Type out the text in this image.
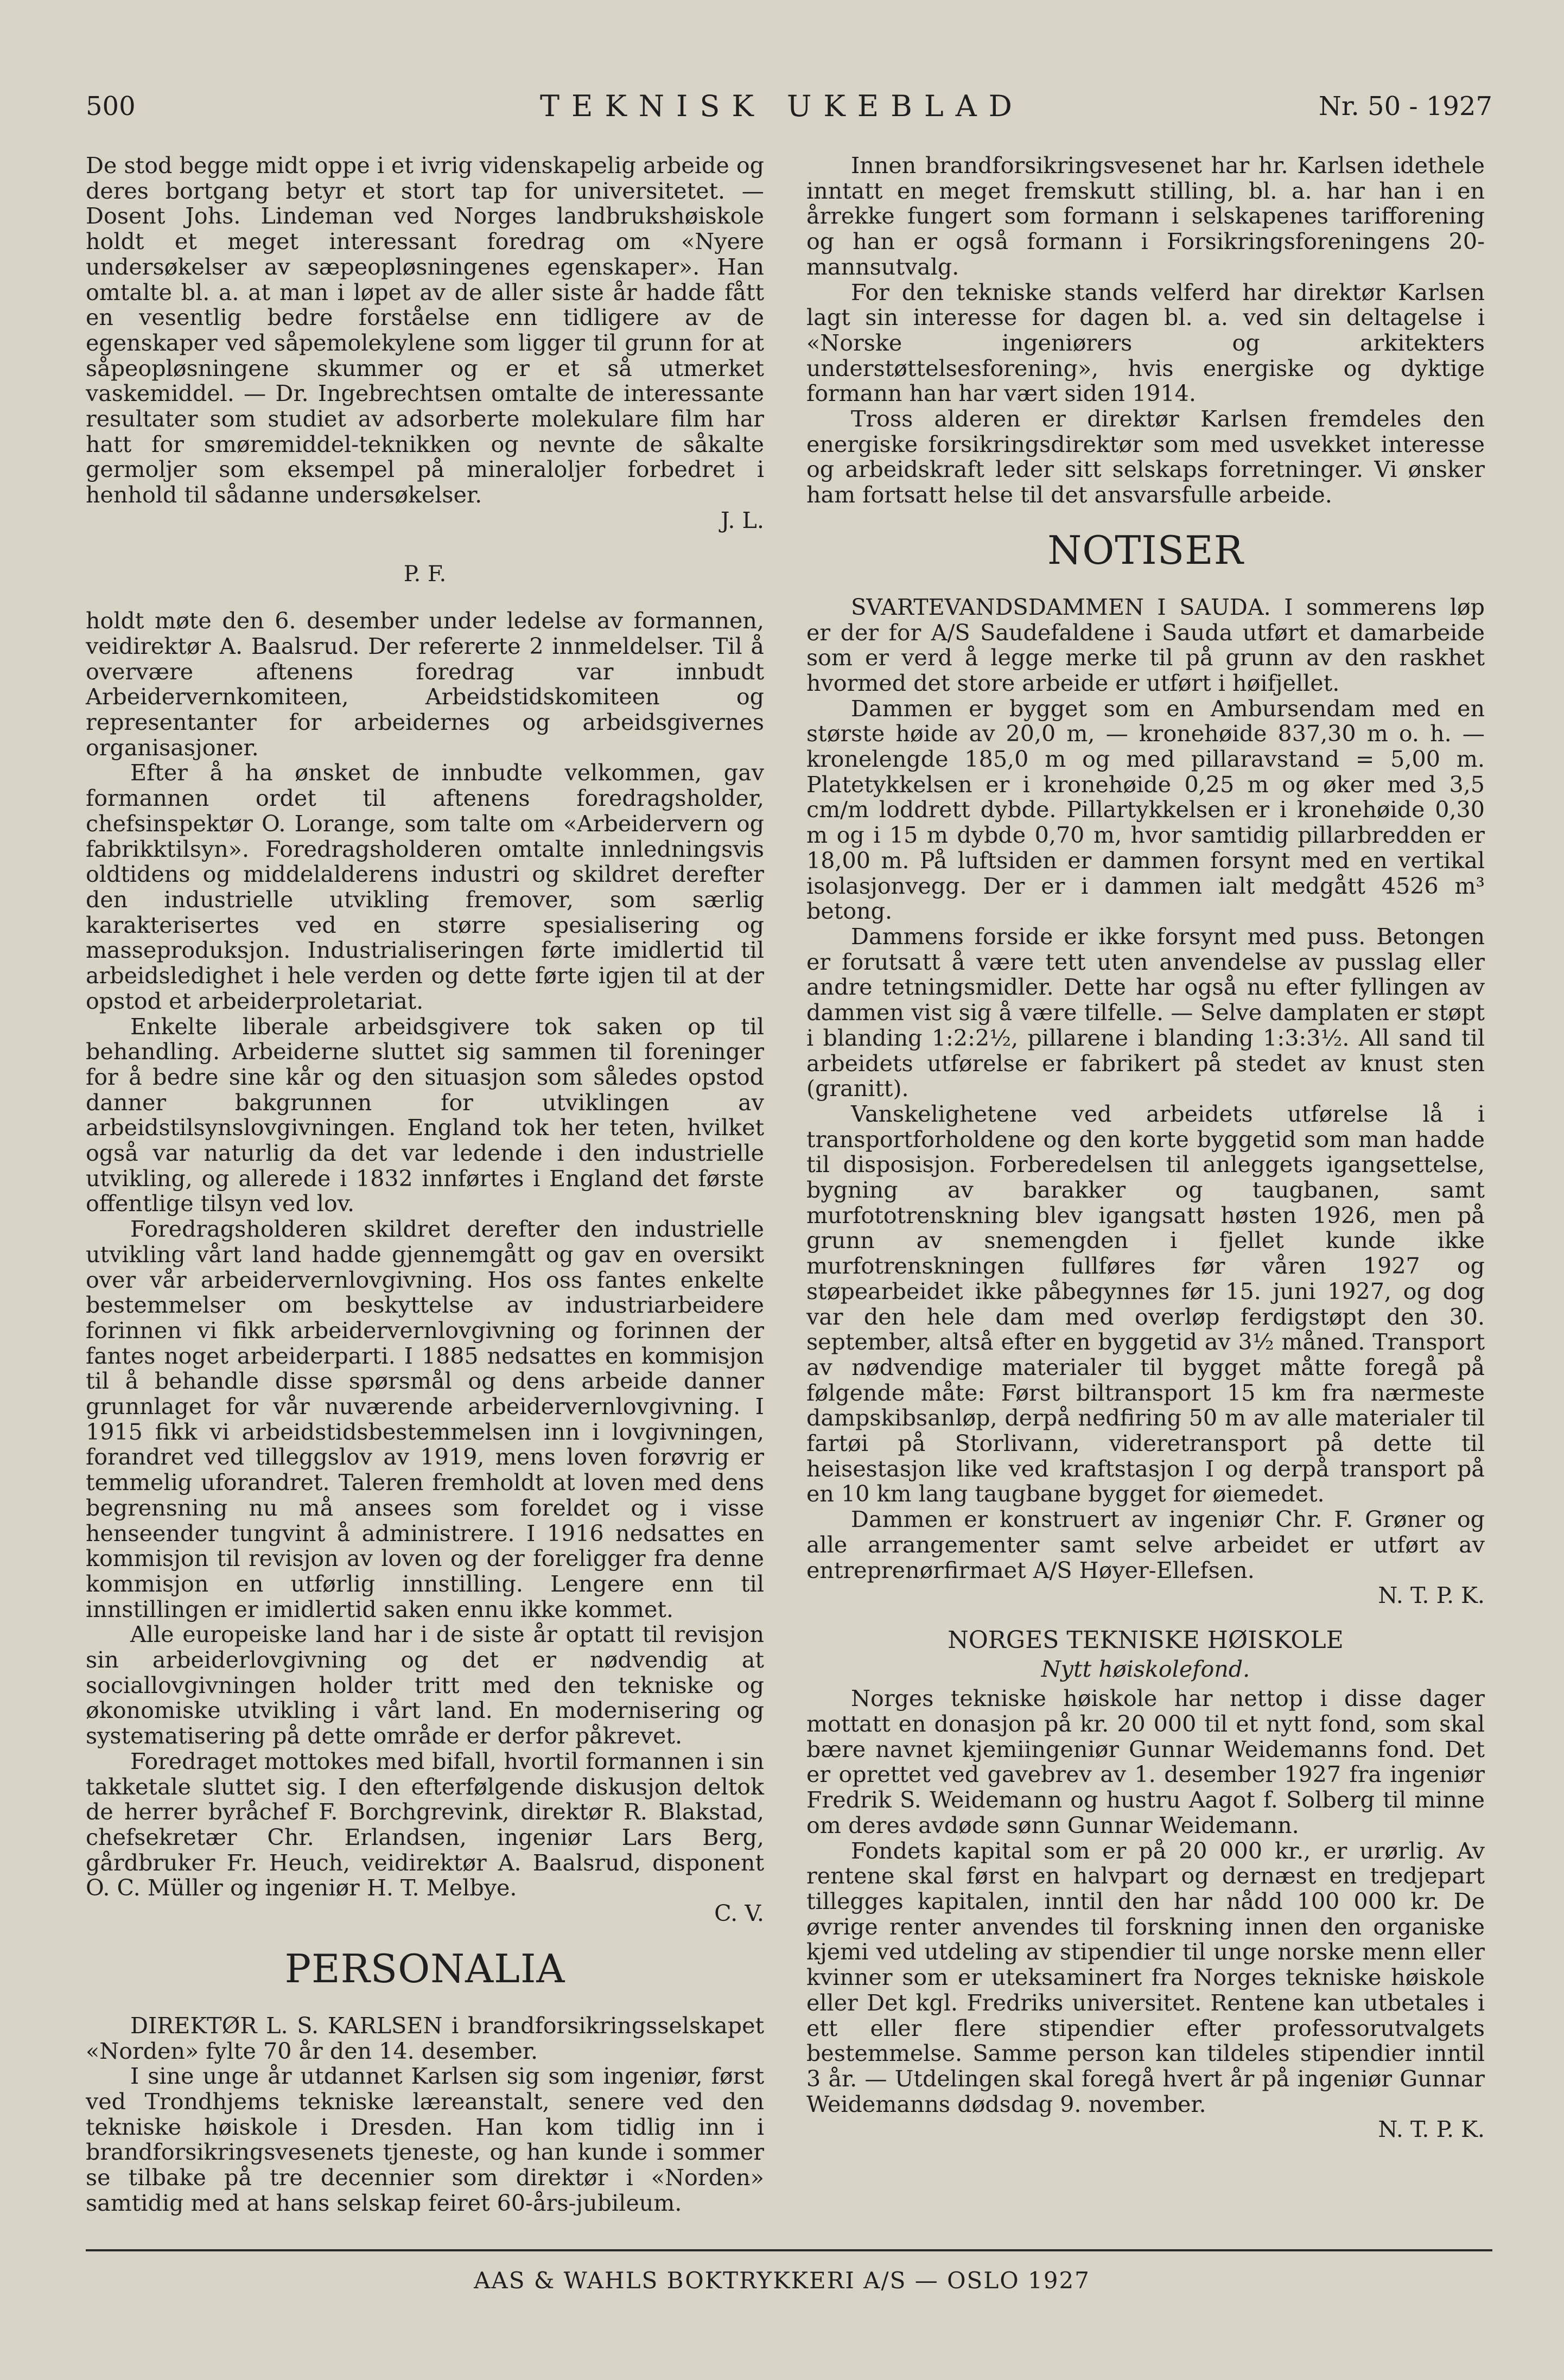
500	TEKNISK UKEBLAD	Nr. 50 - 1927

De stod begge midt oppe i et ivrig videnskapelig arbeide og deres bortgang betyr et stort tap for universitetet. — Dosent Johs. Lindeman ved Norges landbrukshøiskole holdt et meget interessant foredrag om «Nyere undersøkelser av sæpeopløsningenes egenskaper». Han omtalte bl. a. at man i løpet av de aller siste år hadde fått en vesentlig bedre forståelse enn tidligere av de egenskaper ved såpemolekylene som ligger til grunn for at såpeopløsningene skummer og er et så utmerket vaskemiddel. — Dr. Ingebrechtsen omtalte de interessante resultater som studiet av adsorberte molekulare film har hatt for smøremiddel-teknikken og nevnte de såkalte germoljer som eksempel på mineraloljer forbedret i henhold til sådanne undersøkelser.

J. L.

P. F.

holdt møte den 6. desember under ledelse av formannen, veidirektør A. Baalsrud. Der refererte 2 innmeldelser. Til å overvære aftenens foredrag var innbudt Arbeidervernkomiteen, Arbeidstidskomiteen og representanter for arbeidernes og arbeidsgivernes organisasjoner.

Efter å ha ønsket de innbudte velkommen, gav formannen ordet til aftenens foredragsholder, chefsinspektør O. Lorange, som talte om «Arbeidervern og fabrikktilsyn». Foredragsholderen omtalte innledningsvis oldtidens og middelalderens industri og skildret derefter den industrielle utvikling fremover, som særlig karakterisertes ved en større spesialisering og masseproduksjon. Industrialiseringen førte imidlertid til arbeidsledighet i hele verden og dette førte igjen til at der opstod et arbeiderproletariat.

Enkelte liberale arbeidsgivere tok saken op til behandling. Arbeiderne sluttet sig sammen til foreninger for å bedre sine kår og den situasjon som således opstod danner bakgrunnen for utviklingen av arbeidstilsynslovgivningen. England tok her teten, hvilket også var naturlig da det var ledende i den industrielle utvikling, og allerede i 1832 innførtes i England det første offentlige tilsyn ved lov.

Foredragsholderen skildret derefter den industrielle utvikling vårt land hadde gjennemgått og gav en oversikt over vår arbeidervernlovgivning. Hos oss fantes enkelte bestemmelser om beskyttelse av industriarbeidere forinnen vi fikk arbeidervernlovgivning og forinnen der fantes noget arbeiderparti. I 1885 nedsattes en kommisjon til å behandle disse spørsmål og dens arbeide danner grunnlaget for vår nuværende arbeidervernlovgivning. I 1915 fikk vi arbeidstidsbestemmelsen inn i lovgivningen, forandret ved tilleggslov av 1919, mens loven forøvrig er temmelig uforandret. Taleren fremholdt at loven med dens begrensning nu må ansees som foreldet og i visse henseender tungvint å administrere. I 1916 nedsattes en kommisjon til revisjon av loven og der foreligger fra denne kommisjon en utførlig innstilling. Lengere enn til innstillingen er imidlertid saken ennu ikke kommet.

Alle europeiske land har i de siste år optatt til revisjon sin arbeiderlovgivning og det er nødvendig at sociallovgivningen holder tritt med den tekniske og økonomiske utvikling i vårt land. En modernisering og systematisering på dette område er derfor påkrevet.

Foredraget mottokes med bifall, hvortil formannen i sin takketale sluttet sig. I den efterfølgende diskusjon deltok de herrer byråchef F. Borchgrevink, direktør R. Blakstad, chefsekretær Chr. Erlandsen, ingeniør Lars Berg, gårdbruker Fr. Heuch, veidirektør A. Baalsrud, disponent O. C. Müller og ingeniør H. T. Melbye.

C. V.

PERSONALIA

DIREKTØR L. S. KARLSEN i brandforsikringsselskapet «Norden» fylte 70 år den 14. desember.

I sine unge år utdannet Karlsen sig som ingeniør, først ved Trondhjems tekniske læreanstalt, senere ved den tekniske høiskole i Dresden. Han kom tidlig inn i brandforsikringsvesenets tjeneste, og han kunde i sommer se tilbake på tre decennier som direktør i «Norden» samtidig med at hans selskap feiret 60-års-jubileum.

Innen brandforsikringsvesenet har hr. Karlsen idethele inntatt en meget fremskutt stilling, bl. a. har han i en årrekke fungert som formann i selskapenes tarifforening og han er også formann i Forsikringsforeningens 20-mannsutvalg.

For den tekniske stands velferd har direktør Karlsen lagt sin interesse for dagen bl. a. ved sin deltagelse i «Norske ingeniørers og arkitekters understøttelsesforening», hvis energiske og dyktige formann han har vært siden 1914.

Tross alderen er direktør Karlsen fremdeles den energiske forsikringsdirektør som med usvekket interesse og arbeidskraft leder sitt selskaps forretninger. Vi ønsker ham fortsatt helse til det ansvarsfulle arbeide.

NOTISER

SVARTEVANDSDAMMEN I SAUDA. I sommerens løp er der for A/S Saudefaldene i Sauda utført et damarbeide som er verd å legge merke til på grunn av den raskhet hvormed det store arbeide er utført i høifjellet.

Dammen er bygget som en Ambursendam med en største høide av 20,0 m, — kronehøide 837,30 m o. h. — kronelengde 185,0 m og med pillaravstand = 5,00 m. Platetykkelsen er i kronehøide 0,25 m og øker med 3,5 cm/m loddrett dybde. Pillartykkelsen er i kronehøide 0,30 m og i 15 m dybde 0,70 m, hvor samtidig pillarbredden er 18,00 m. På luftsiden er dammen forsynt med en vertikal isolasjonvegg. Der er i dammen ialt medgått 4526 m³ betong.

Dammens forside er ikke forsynt med puss. Betongen er forutsatt å være tett uten anvendelse av pusslag eller andre tetningsmidler. Dette har også nu efter fyllingen av dammen vist sig å være tilfelle. — Selve damplaten er støpt i blanding 1:2:2½, pillarene i blanding 1:3:3½. All sand til arbeidets utførelse er fabrikert på stedet av knust sten (granitt).

Vanskelighetene ved arbeidets utførelse lå i transportforholdene og den korte byggetid som man hadde til disposisjon. Forberedelsen til anleggets igangsettelse, bygning av barakker og taugbanen, samt murfototrenskning blev igangsatt høsten 1926, men på grunn av snemengden i fjellet kunde ikke murfotrenskningen fullføres før våren 1927 og støpearbeidet ikke påbegynnes før 15. juni 1927, og dog var den hele dam med overløp ferdigstøpt den 30. september, altså efter en byggetid av 3½ måned. Transport av nødvendige materialer til bygget måtte foregå på følgende måte: Først biltransport 15 km fra nærmeste dampskibsanløp, derpå nedfiring 50 m av alle materialer til fartøi på Storlivann, videretransport på dette til heisestasjon like ved kraftstasjon I og derpå transport på en 10 km lang taugbane bygget for øiemedet.

Dammen er konstruert av ingeniør Chr. F. Grøner og alle arrangementer samt selve arbeidet er utført av entreprenørfirmaet A/S Høyer-Ellefsen.

N. T. P. K.

NORGES TEKNISKE HØISKOLE
Nytt høiskolefond.

Norges tekniske høiskole har nettop i disse dager mottatt en donasjon på kr. 20 000 til et nytt fond, som skal bære navnet kjemiingeniør Gunnar Weidemanns fond. Det er oprettet ved gavebrev av 1. desember 1927 fra ingeniør Fredrik S. Weidemann og hustru Aagot f. Solberg til minne om deres avdøde sønn Gunnar Weidemann.

Fondets kapital som er på 20 000 kr., er urørlig. Av rentene skal først en halvpart og dernæst en tredjepart tillegges kapitalen, inntil den har nådd 100 000 kr. De øvrige renter anvendes til forskning innen den organiske kjemi ved utdeling av stipendier til unge norske menn eller kvinner som er uteksaminert fra Norges tekniske høiskole eller Det kgl. Fredriks universitet. Rentene kan utbetales i ett eller flere stipendier efter professorutvalgets bestemmelse. Samme person kan tildeles stipendier inntil 3 år. — Utdelingen skal foregå hvert år på ingeniør Gunnar Weidemanns dødsdag 9. november.

N. T. P. K.

AAS & WAHLS BOKTRYKKERI A/S — OSLO 1927
